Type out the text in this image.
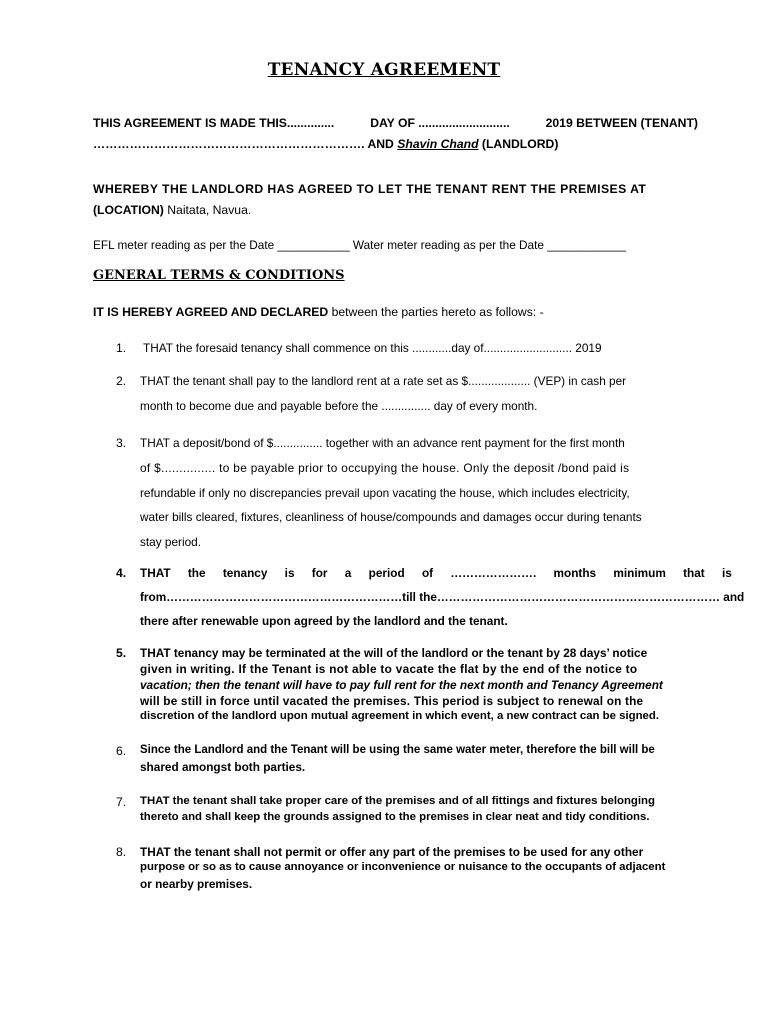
TENANCY AGREEMENT
THIS AGREEMENT IS MADE THIS..............	DAY OF ...........................	2019 BETWEEN (TENANT)
…………………………………………………………. AND Shavin Chand (LANDLORD)
WHEREBY THE LANDLORD HAS AGREED TO LET THE TENANT RENT THE PREMISES AT
(LOCATION) Naitata, Navua.
EFL meter reading as per the Date ___________ Water meter reading as per the Date ____________
GENERAL TERMS & CONDITIONS
IT IS HEREBY AGREED AND DECLARED between the parties hereto as follows: -
1. THAT the foresaid tenancy shall commence on this ............day of........................... 2019
2. THAT the tenant shall pay to the landlord rent at a rate set as $................... (VEP) in cash per
month to become due and payable before the ............... day of every month.
3. THAT a deposit/bond of $............... together with an advance rent payment for the first month
of $............... to be payable prior to occupying the house. Only the deposit /bond paid is
refundable if only no discrepancies prevail upon vacating the house, which includes electricity,
water bills cleared, fixtures, cleanliness of house/compounds and damages occur during tenants
stay period.
4. THAT the tenancy is for a period of …………………. months minimum that is
from……………………………………………………till the……………………………………………………………… and
there after renewable upon agreed by the landlord and the tenant.
5. THAT tenancy may be terminated at the will of the landlord or the tenant by 28 days’ notice
given in writing. If the Tenant is not able to vacate the flat by the end of the notice to
vacation; then the tenant will have to pay full rent for the next month and Tenancy Agreement
will be still in force until vacated the premises. This period is subject to renewal on the
discretion of the landlord upon mutual agreement in which event, a new contract can be signed.
6. Since the Landlord and the Tenant will be using the same water meter, therefore the bill will be
shared amongst both parties.
7. THAT the tenant shall take proper care of the premises and of all fittings and fixtures belonging
thereto and shall keep the grounds assigned to the premises in clear neat and tidy conditions.
8. THAT the tenant shall not permit or offer any part of the premises to be used for any other
purpose or so as to cause annoyance or inconvenience or nuisance to the occupants of adjacent
or nearby premises.
